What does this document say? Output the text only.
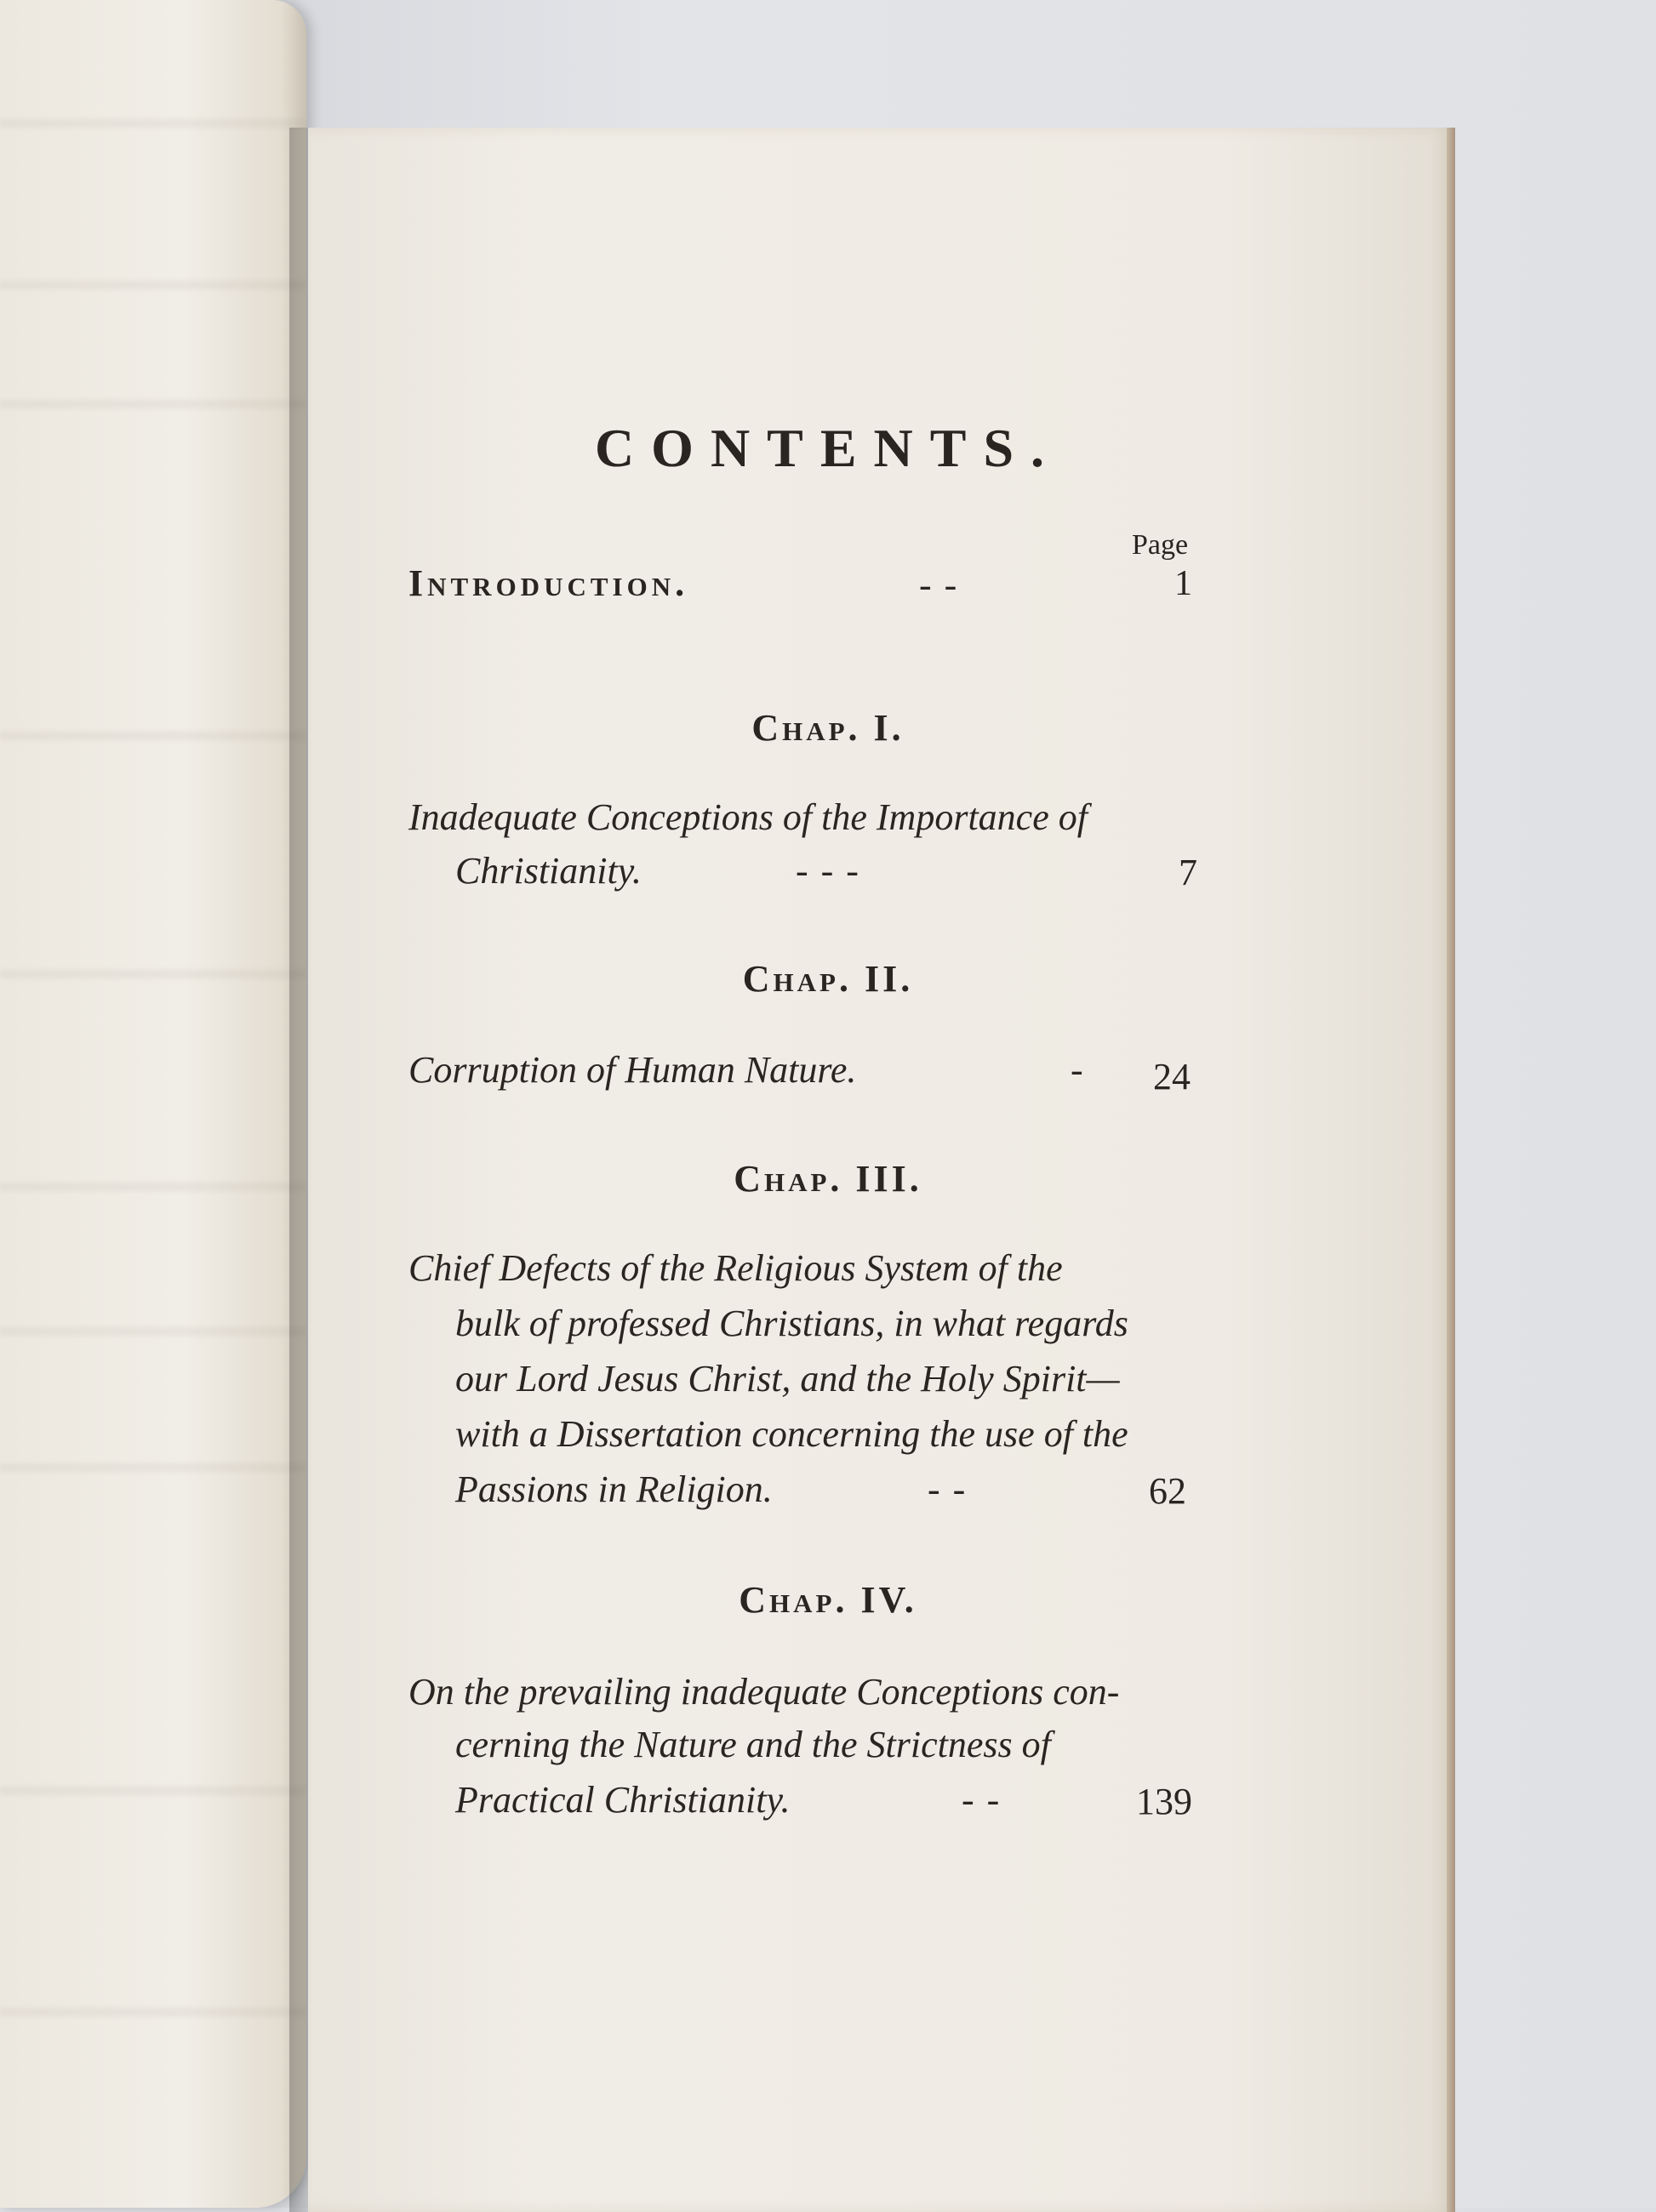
CONTENTS.
Page
Introduction.	- -	1
Chap. I.
Inadequate Conceptions of the Importance of
Christianity.	- - -	7
Chap. II.
Corruption of Human Nature.	- 24
Chap. III.
Chief Defects of the Religious System of the
bulk of professed Christians, in what regards
our Lord Jesus Christ, and the Holy Spirit—
with a Dissertation concerning the use of the
Passions in Religion.	- -	62
Chap. IV.
On the prevailing inadequate Conceptions con-
cerning the Nature and the Strictness of
Practical Christianity.	- -	139
